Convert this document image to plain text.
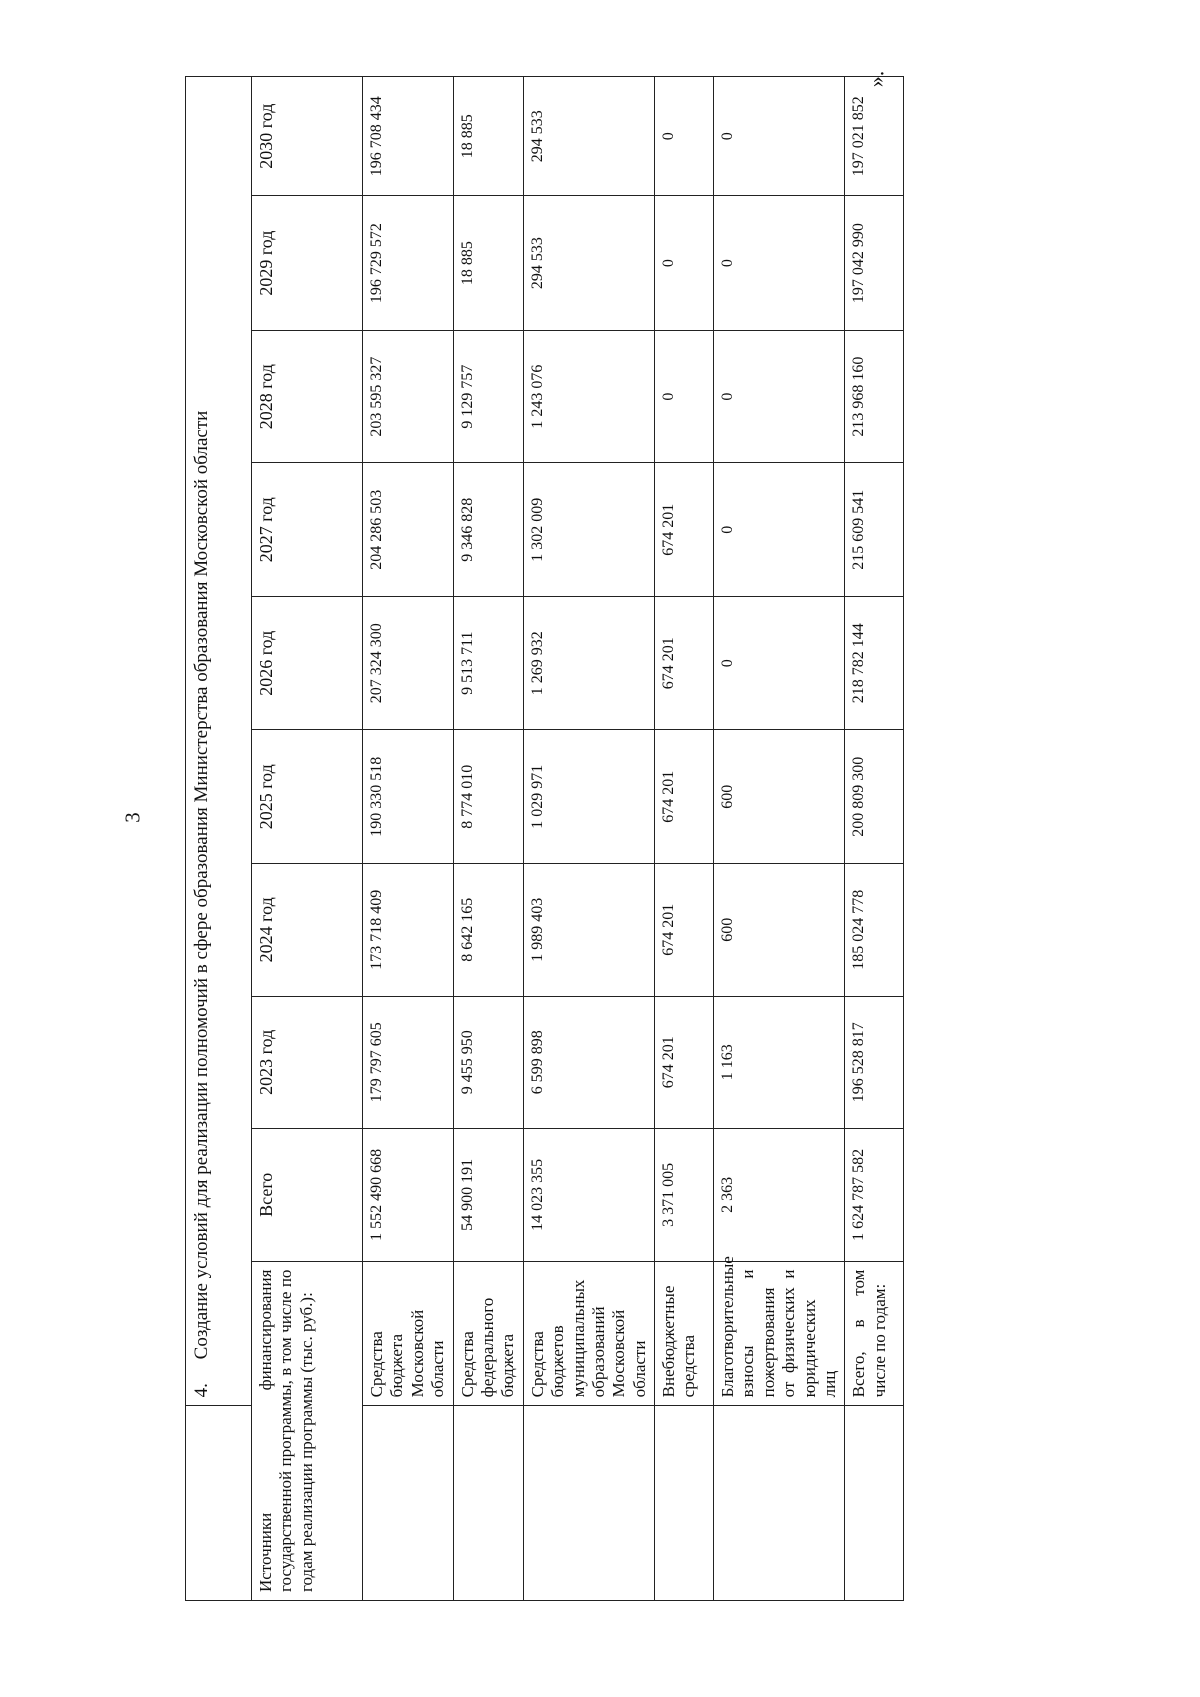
3
».
	4.     Создание условий для реализации полномочий в сфере образования Министерства образования Московской области									
Источники финансирования государственной программы, в том числе по годам реализации программы (тыс. руб.):		Всего	2023 год	2024 год	2025 год	2026 год	2027 год	2028 год	2029 год	2030 год
	Средства бюджета Московской области	1 552 490 668	179 797 605	173 718 409	190 330 518	207 324 300	204 286 503	203 595 327	196 729 572	196 708 434
	Средства федерального бюджета	54 900 191	9 455 950	8 642 165	8 774 010	9 513 711	9 346 828	9 129 757	18 885	18 885
	Средства бюджетов муниципальных образований Московской области	14 023 355	6 599 898	1 989 403	1 029 971	1 269 932	1 302 009	1 243 076	294 533	294 533
	Внебюджетные средства	3 371 005	674 201	674 201	674 201	674 201	674 201	0	0	0
	Благотворительные взносы и пожертвования от физических и юридических лиц	2 363	1 163	600	600	0	0	0	0	0
	Всего, в том числе по годам:	1 624 787 582	196 528 817	185 024 778	200 809 300	218 782 144	215 609 541	213 968 160	197 042 990	197 021 852
